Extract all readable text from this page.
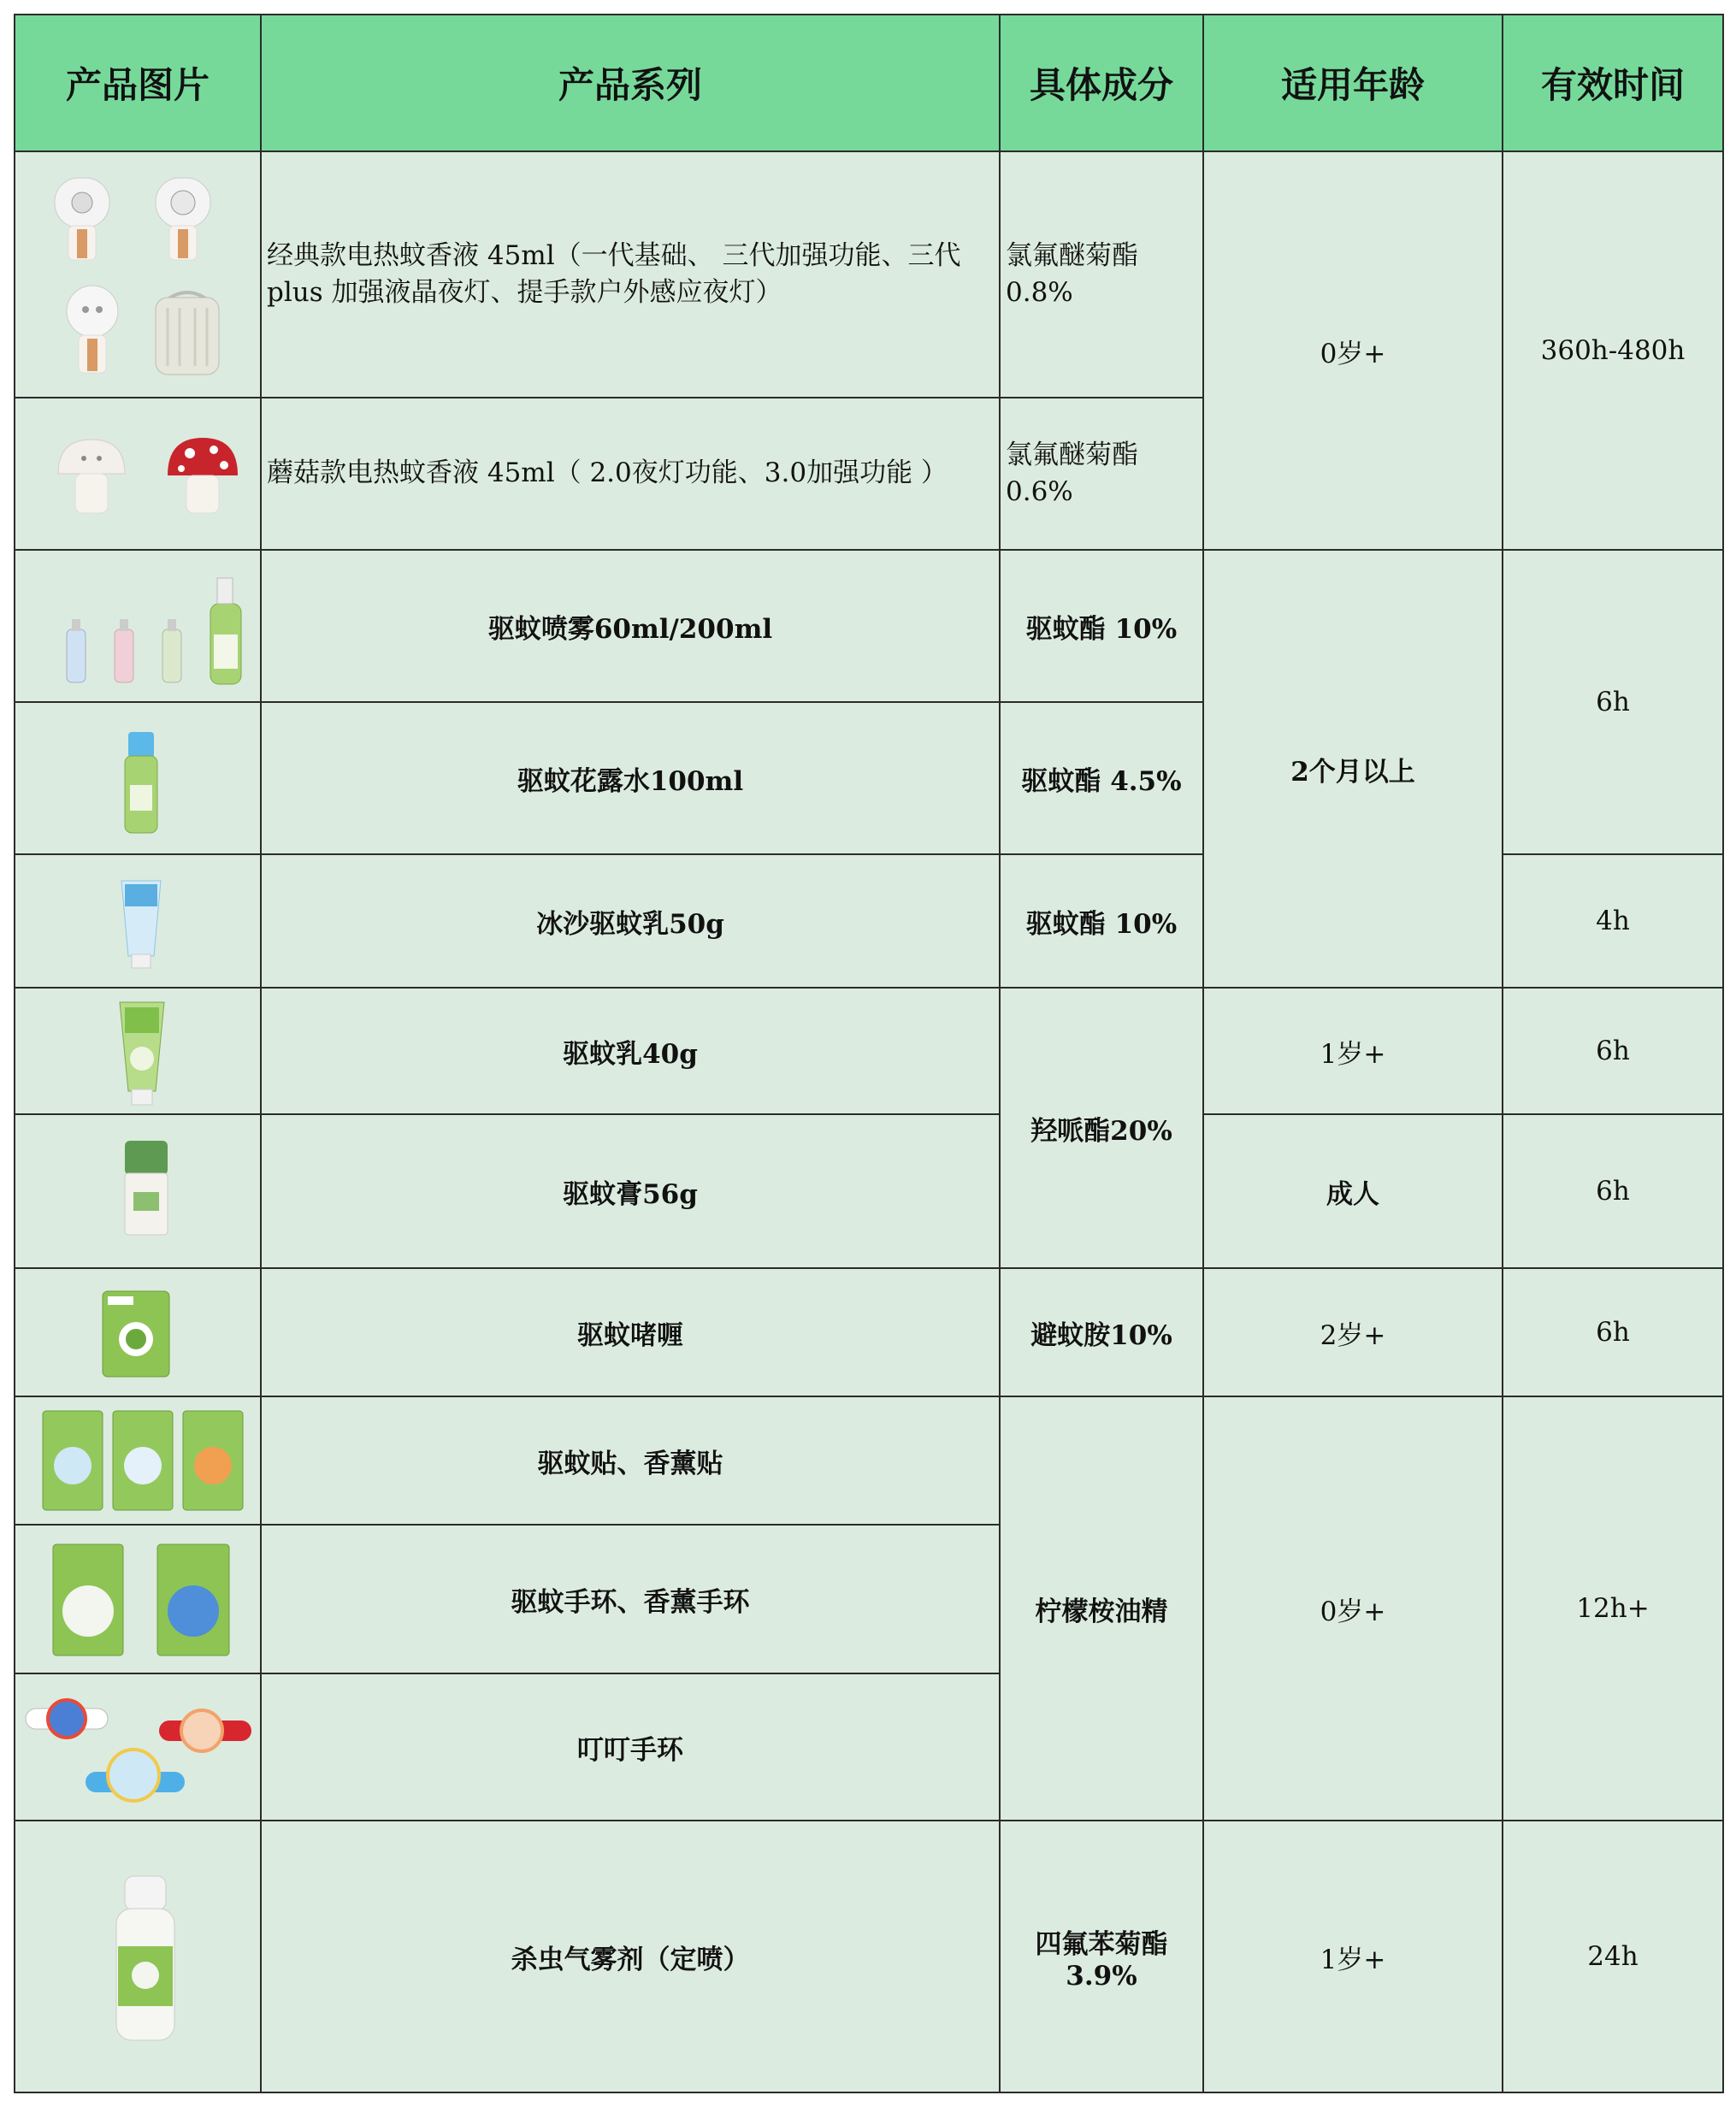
产品图片	产品系列	具体成分	适用年龄	有效时间

	经典款电热蚊香液 45ml（一代基础、 三代加强功能、三代plus 加强液晶夜灯、提手款户外感应夜灯）	氯氟醚菊酯0.8%	0岁+	360h-480h

	蘑菇款电热蚊香液 45ml（ 2.0夜灯功能、3.0加强功能 ）	氯氟醚菊酯0.6%		

	驱蚊喷雾60ml/200ml	驱蚊酯 10%	2个月以上	6h

	驱蚊花露水100ml	驱蚊酯 4.5%		

	冰沙驱蚊乳50g	驱蚊酯 10%		4h

	驱蚊乳40g	羟哌酯20%	1岁+	6h

	驱蚊膏56g		成人	6h

	驱蚊啫喱	避蚊胺10%	2岁+	6h

	驱蚊贴、香薰贴	柠檬桉油精	0岁+	12h+

	驱蚊手环、香薰手环			

	叮叮手环			

	杀虫气雾剂（定喷）	四氟苯菊酯3.9%	1岁+	24h
